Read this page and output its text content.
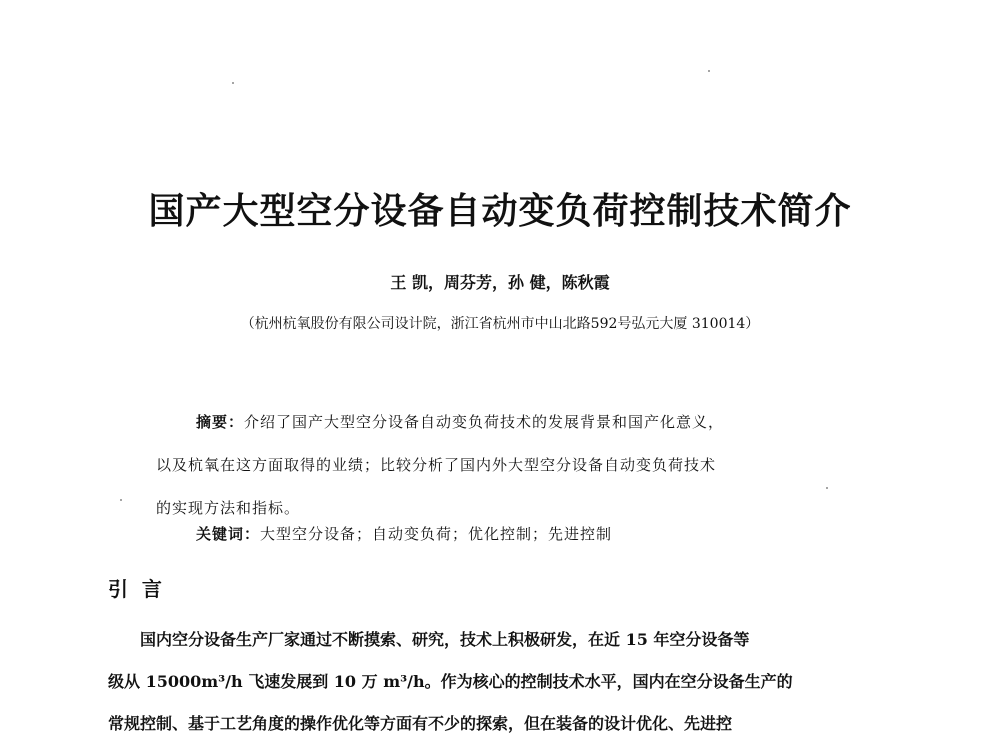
国产大型空分设备自动变负荷控制技术简介
王 凯，周芬芳，孙 健，陈秋霞
（杭州杭氧股份有限公司设计院，浙江省杭州市中山北路592号弘元大厦 310014）
摘要：介绍了国产大型空分设备自动变负荷技术的发展背景和国产化意义，
以及杭氧在这方面取得的业绩；比较分析了国内外大型空分设备自动变负荷技术
的实现方法和指标。
关键词：大型空分设备；自动变负荷；优化控制；先进控制
引  言
国内空分设备生产厂家通过不断摸索、研究，技术上积极研发，在近 15 年空分设备等
级从 15000m³/h 飞速发展到 10 万 m³/h。作为核心的控制技术水平，国内在空分设备生产的
常规控制、基于工艺角度的操作优化等方面有不少的探索，但在装备的设计优化、先进控
